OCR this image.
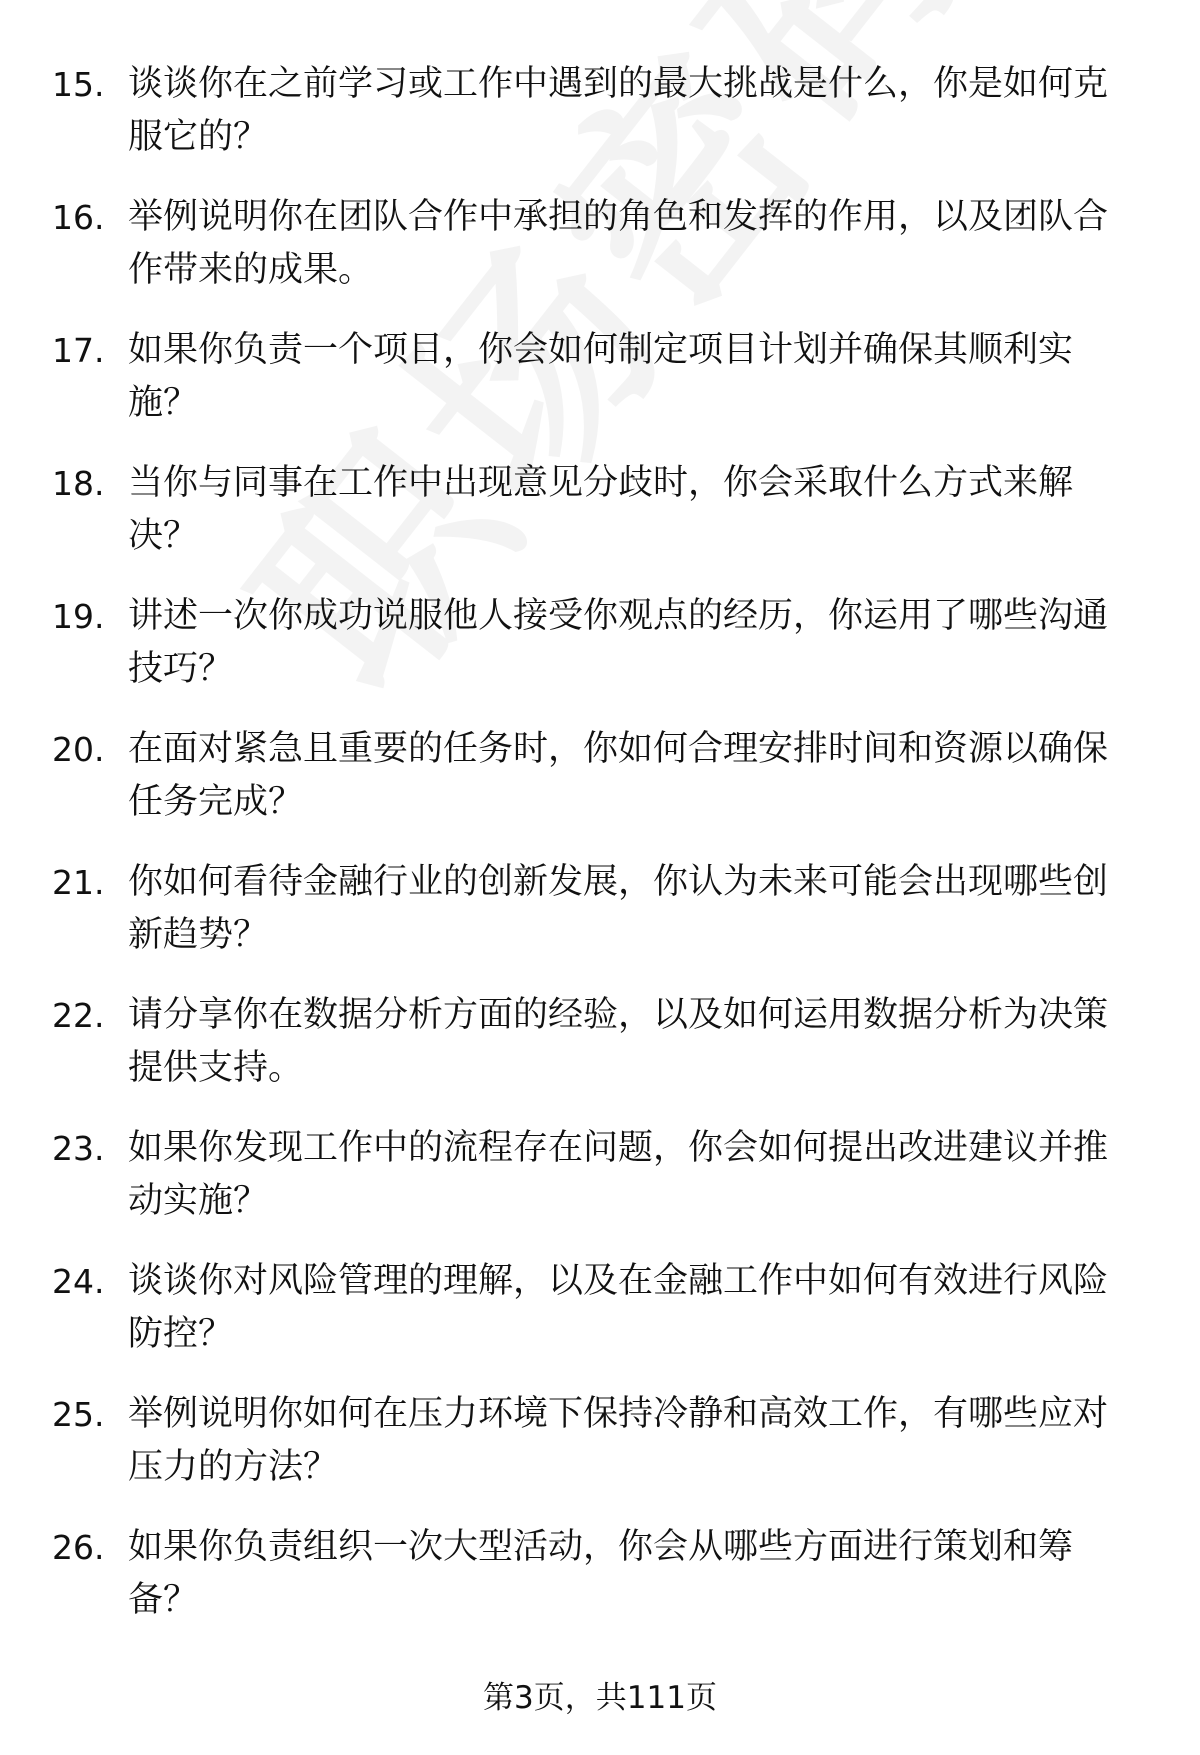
15. 谈谈你在之前学习或工作中遇到的最大挑战是什么，你是如何克服它的？
16. 举例说明你在团队合作中承担的角色和发挥的作用，以及团队合作带来的成果。
17. 如果你负责一个项目，你会如何制定项目计划并确保其顺利实施？
18. 当你与同事在工作中出现意见分歧时，你会采取什么方式来解决？
19. 讲述一次你成功说服他人接受你观点的经历，你运用了哪些沟通技巧？
20. 在面对紧急且重要的任务时，你如何合理安排时间和资源以确保任务完成？
21. 你如何看待金融行业的创新发展，你认为未来可能会出现哪些创新趋势？
22. 请分享你在数据分析方面的经验，以及如何运用数据分析为决策提供支持。
23. 如果你发现工作中的流程存在问题，你会如何提出改进建议并推动实施？
24. 谈谈你对风险管理的理解，以及在金融工作中如何有效进行风险防控？
25. 举例说明你如何在压力环境下保持冷静和高效工作，有哪些应对压力的方法？
26. 如果你负责组织一次大型活动，你会从哪些方面进行策划和筹备？
第3页，共111页
